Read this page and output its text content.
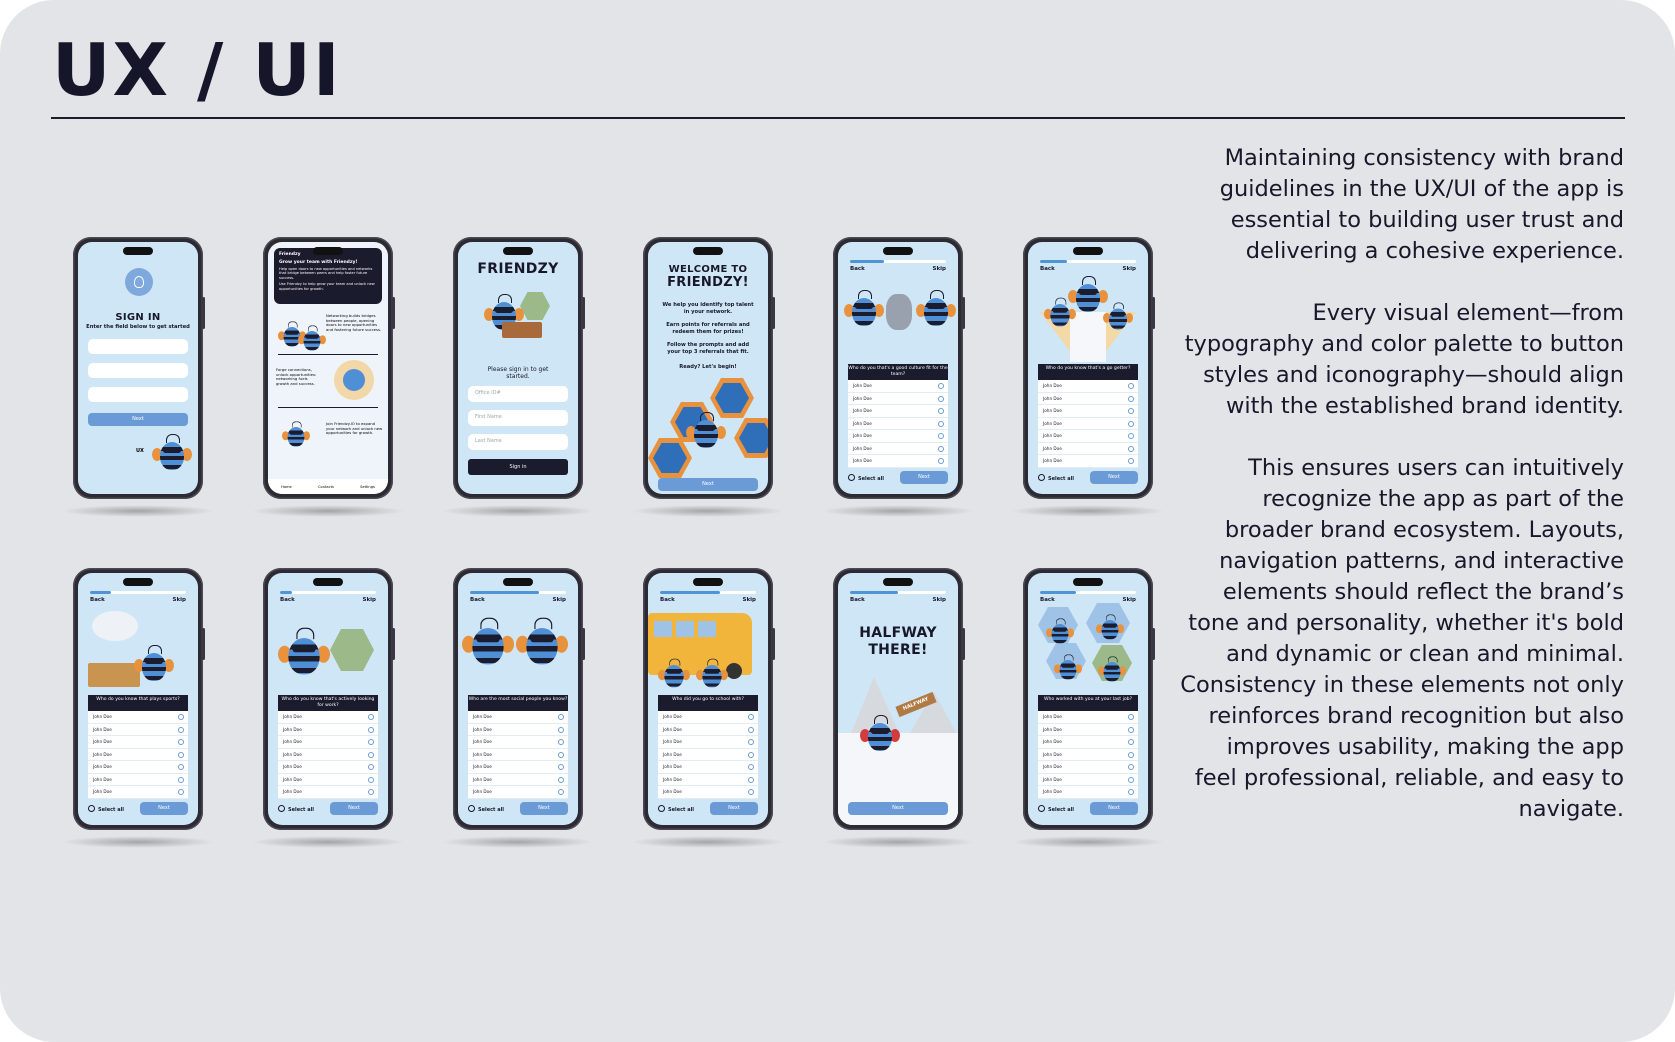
UX / UI

Maintaining consistency with brand guidelines in the UX/UI of the app is essential to building user trust and delivering a cohesive experience.

Every visual element—from typography and color palette to button styles and iconography—should align with the established brand identity.

This ensures users can intuitively recognize the app as part of the broader brand ecosystem. Layouts, navigation patterns, and interactive elements should reflect the brand’s tone and personality, whether it's bold and dynamic or clean and minimal. Consistency in these elements not only reinforces brand recognition but also improves usability, making the app feel professional, reliable, and easy to navigate.

SIGN IN
Enter the field below to get started
Next
UX
Friendzy
Grow your team with Friendzy!
Help open doors to new opportunities and networks that bridge between peers and help foster future success.
Use Friendzy to help grow your team and unlock new opportunities for growth.
Networking builds bridges between people, opening doors to new opportunities and fostering future success.
Forge connections, unlock opportunities: networking fuels growth and success.
Join Friendzy.IO to expand your network and unlock new opportunities for growth.
Home	Contacts	Settings
FRIENDZY
Please sign in to get started.
Office ID#
First Name
Last Name
Sign in
WELCOME TO
FRIENDZY!
We help you identify top talent in your network.
Earn points for referrals and redeem them for prizes!
Follow the prompts and add your top 3 referrals that fit.
Ready? Let's begin!
Next
Back	Skip
Who do you that's a good culture fit for the team?
John Doe
John Doe
John Doe
John Doe
John Doe
John Doe
John Doe
Select all	Next
Back	Skip
Who do you know that's a go getter?
John Doe
John Doe
John Doe
John Doe
John Doe
John Doe
John Doe
Select all	Next
Back	Skip
Who do you know that plays sports?
John Doe
John Doe
John Doe
John Doe
John Doe
John Doe
John Doe
Select all	Next
Back	Skip
Who do you know that's actively looking for work?
John Doe
John Doe
John Doe
John Doe
John Doe
John Doe
John Doe
Select all	Next
Back	Skip
Who are the most social people you know?
John Doe
John Doe
John Doe
John Doe
John Doe
John Doe
John Doe
Select all	Next
Back	Skip
Who did you go to school with?
John Doe
John Doe
John Doe
John Doe
John Doe
John Doe
John Doe
Select all	Next
Back	Skip
HALFWAY
THERE!
HALFWAY
Next
Back	Skip
Who worked with you at your last job?
John Doe
John Doe
John Doe
John Doe
John Doe
John Doe
John Doe
Select all	Next
